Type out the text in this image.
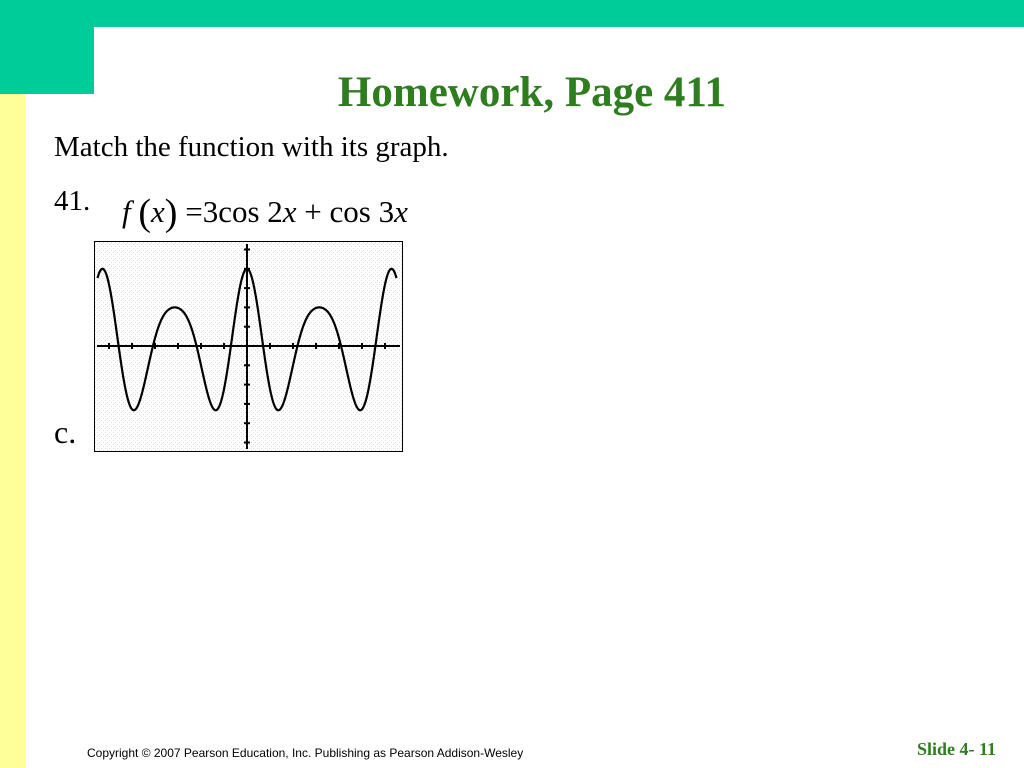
Homework, Page 411

Match the function with its graph.

41. f (x) =3cos 2x + cos 3x
c.
Copyright © 2007 Pearson Education, Inc. Publishing as Pearson Addison-Wesley	Slide 4- 11
